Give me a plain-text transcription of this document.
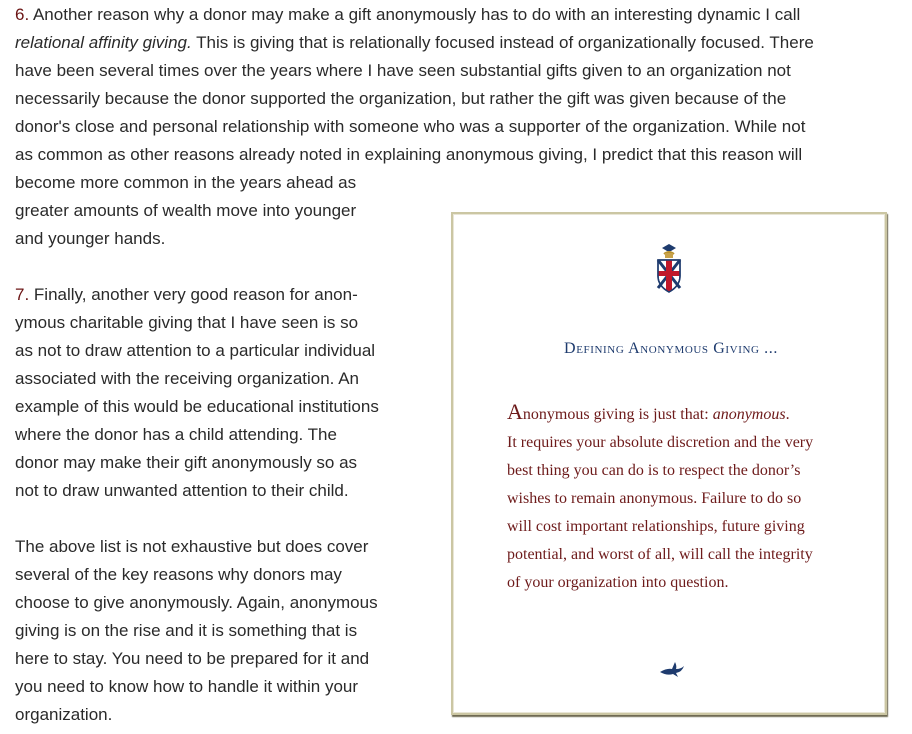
6. Another reason why a donor may make a gift anonymously has to do with an interesting dynamic I call
relational affinity giving. This is giving that is relationally focused instead of organizationally focused. There
have been several times over the years where I have seen substantial gifts given to an organization not
necessarily because the donor supported the organization, but rather the gift was given because of the
donor's close and personal relationship with someone who was a supporter of the organization. While not
as common as other reasons already noted in explaining anonymous giving, I predict that this reason will
become more common in the years ahead as
greater amounts of wealth move into younger
and younger hands.
7. Finally, another very good reason for anon-
ymous charitable giving that I have seen is so
as not to draw attention to a particular individual
associated with the receiving organization. An
example of this would be educational institutions
where the donor has a child attending. The
donor may make their gift anonymously so as
not to draw unwanted attention to their child.
The above list is not exhaustive but does cover
several of the key reasons why donors may
choose to give anonymously. Again, anonymous
giving is on the rise and it is something that is
here to stay. You need to be prepared for it and
you need to know how to handle it within your
organization.
Defining Anonymous Giving ...
Anonymous giving is just that: anonymous.
It requires your absolute discretion and the very
best thing you can do is to respect the donor’s
wishes to remain anonymous. Failure to do so
will cost important relationships, future giving
potential, and worst of all, will call the integrity
of your organization into question.
